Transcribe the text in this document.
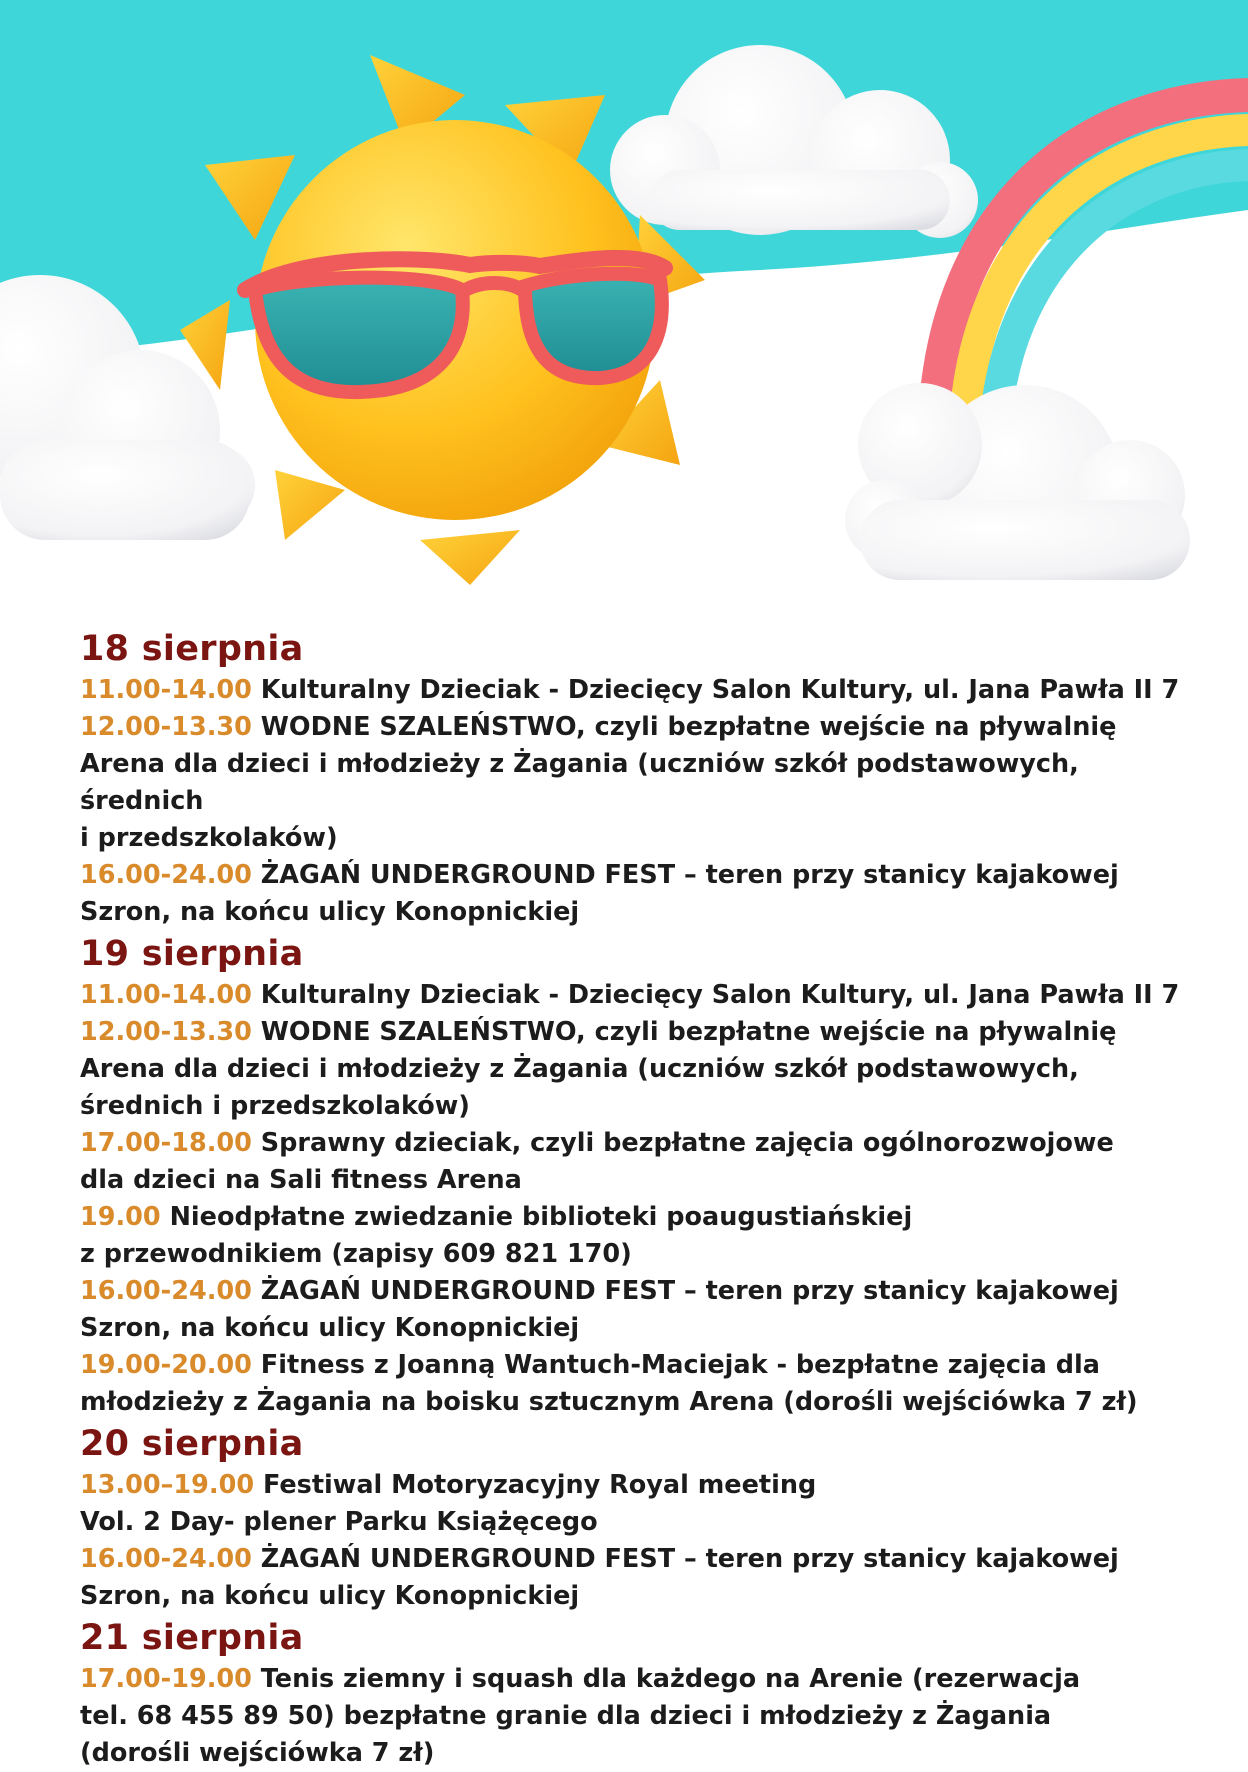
18 sierpnia
11.00-14.00 Kulturalny Dzieciak - Dziecięcy Salon Kultury, ul. Jana Pawła II 7
12.00-13.30 WODNE SZALEŃSTWO, czyli bezpłatne wejście na pływalnię
Arena dla dzieci i młodzieży z Żagania (uczniów szkół podstawowych, średnich
i przedszkolaków)
16.00-24.00 ŻAGAŃ UNDERGROUND FEST – teren przy stanicy kajakowej
Szron, na końcu ulicy Konopnickiej
19 sierpnia
11.00-14.00 Kulturalny Dzieciak - Dziecięcy Salon Kultury, ul. Jana Pawła II 7
12.00-13.30 WODNE SZALEŃSTWO, czyli bezpłatne wejście na pływalnię
Arena dla dzieci i młodzieży z Żagania (uczniów szkół podstawowych,
średnich i przedszkolaków)
17.00-18.00 Sprawny dzieciak, czyli bezpłatne zajęcia ogólnorozwojowe
dla dzieci na Sali fitness Arena
19.00 Nieodpłatne zwiedzanie biblioteki poaugustiańskiej
z przewodnikiem (zapisy 609 821 170)
16.00-24.00 ŻAGAŃ UNDERGROUND FEST – teren przy stanicy kajakowej
Szron, na końcu ulicy Konopnickiej
19.00-20.00 Fitness z Joanną Wantuch-Maciejak - bezpłatne zajęcia dla
młodzieży z Żagania na boisku sztucznym Arena (dorośli wejściówka 7 zł)
20 sierpnia
13.00–19.00 Festiwal Motoryzacyjny Royal meeting
Vol. 2 Day- plener Parku Książęcego
16.00-24.00 ŻAGAŃ UNDERGROUND FEST – teren przy stanicy kajakowej
Szron, na końcu ulicy Konopnickiej
21 sierpnia
17.00-19.00 Tenis ziemny i squash dla każdego na Arenie (rezerwacja
tel. 68 455 89 50) bezpłatne granie dla dzieci i młodzieży z Żagania
(dorośli wejściówka 7 zł)
